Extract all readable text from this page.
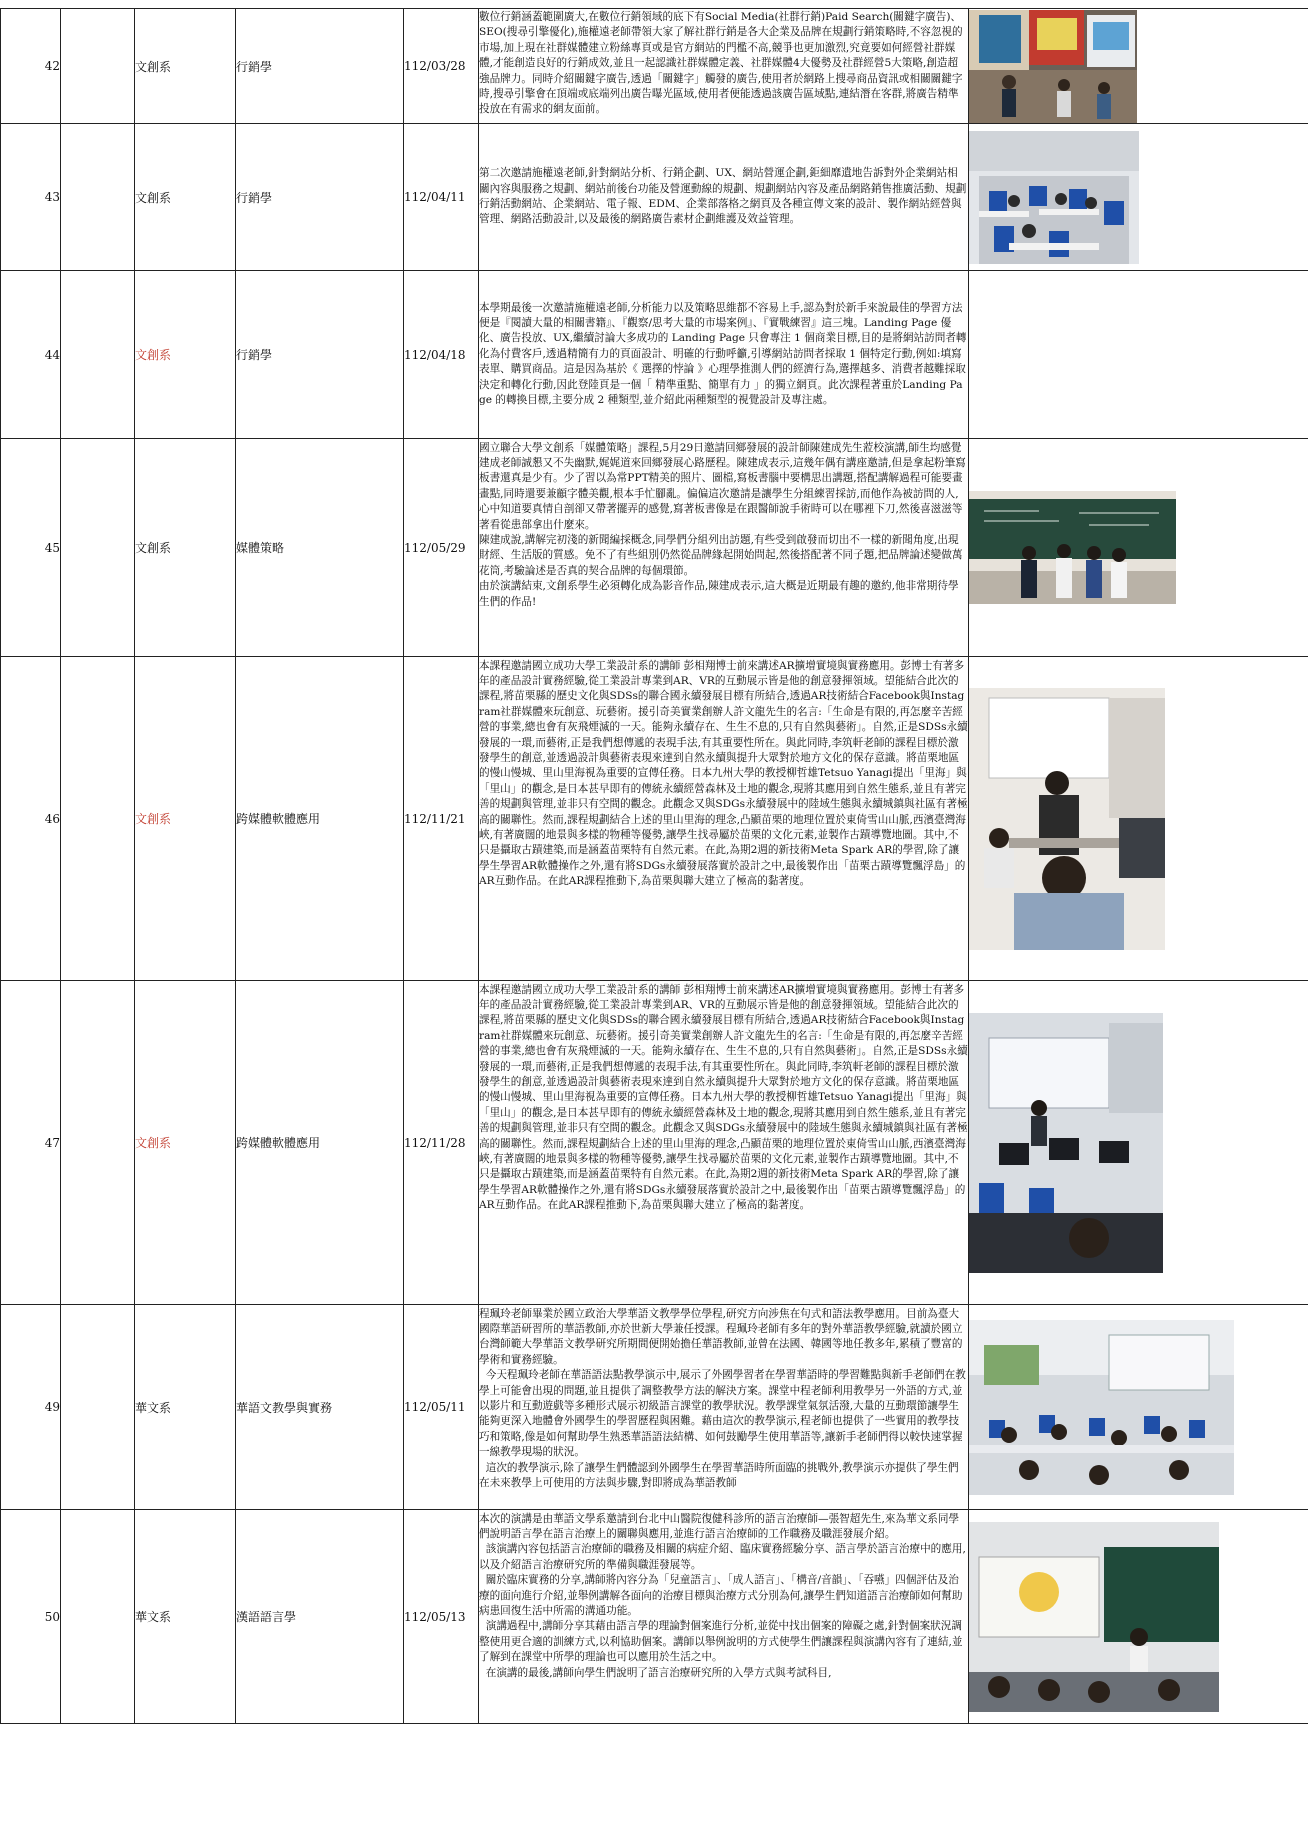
42		文創系	行銷學	112/03/28	數位行銷涵蓋範圍廣大,在數位行銷領域的底下有Social Media(社群行銷)Paid Search(關鍵字廣告)、SEO(搜尋引擎優化),施權遠老師帶領大家了解社群行銷是各大企業及品牌在規劃行銷策略時,不容忽視的市場,加上現在社群媒體建立粉絲專頁或是官方網站的門檻不高,競爭也更加激烈,究竟要如何經營社群媒體,才能創造良好的行銷成效,並且一起認識社群媒體定義、社群媒體4大優勢及社群經營5大策略,創造超強品牌力。同時介紹關鍵字廣告,透過「關鍵字」觸發的廣告,使用者於網路上搜尋商品資訊或相關關鍵字時,搜尋引擎會在頂端或底端列出廣告曝光區域,使用者便能透過該廣告區域點,連結潛在客群,將廣告精準投放在有需求的網友面前。

43		文創系	行銷學	112/04/11	第二次邀請施權遠老師,針對網站分析、行銷企劃、UX、網站營運企劃,鉅細靡遺地告訴對外企業網站相關內容與服務之規劃、網站前後台功能及營運動線的規劃、規劃網站內容及產品網路銷售推廣活動、規劃行銷活動網站、企業網站、電子報、EDM、企業部落格之網頁及各種宣傳文案的設計、製作網站經營與管理、網路活動設計,以及最後的網路廣告素材企劃維護及效益管理。

44		文創系	行銷學	112/04/18	本學期最後一次邀請施權遠老師,分析能力以及策略思維都不容易上手,認為對於新手來說最佳的學習方法便是『閱讀大量的相關書籍』、『觀察/思考大量的市場案例』、『實戰練習』這三塊。Landing Page 優化、廣告投放、UX,繼續討論大多成功的 Landing Page 只會專注 1 個商業目標,目的是將網站訪問者轉化為付費客戶,透過精簡有力的頁面設計、明確的行動呼籲,引導網站訪問者採取 1 個特定行動,例如:填寫表單、購買商品。這是因為基於《 選擇的悖論 》心理學推測人們的經濟行為,選擇越多、消費者越難採取決定和轉化行動,因此登陸頁是一個「 精準重點、簡單有力 」的獨立網頁。此次課程著重於Landing Page 的轉換目標,主要分成 2 種類型,並介紹此兩種類型的視覺設計及專注處。	

45		文創系	媒體策略	112/05/29	國立聯合大學文創系「媒體策略」課程,5月29日邀請回鄉發展的設計師陳建成先生蒞校演講,師生均感覺建成老師誠懇又不失幽默,娓娓道來回鄉發展心路歷程。陳建成表示,這幾年偶有講座邀請,但是拿起粉筆寫板書還真是少有。少了習以為常PPT精美的照片、圖檔,寫板書腦中要構思出講題,搭配講解過程可能要畫畫點,同時還要兼顧字體美觀,根本手忙腳亂。偏偏這次邀請是讓學生分組練習採訪,而他作為被訪問的人,心中知道要真情自剖卻又帶著擺弄的感覺,寫著板書像是在跟醫師說手術時可以在哪裡下刀,然後喜滋滋等著看從患部拿出什麼來。
陳建成說,講解完初淺的新聞編採概念,同學們分組列出訪題,有些受到啟發而切出不一樣的新聞角度,出現財經、生活版的質感。免不了有些組別仍然從品牌緣起開始問起,然後搭配著不同子題,把品牌論述變做萬花筒,考驗論述是否真的契合品牌的每個環節。
由於演講結束,文創系學生必須轉化成為影音作品,陳建成表示,這大概是近期最有趣的邀約,他非常期待學生們的作品!

46		文創系	跨媒體軟體應用	112/11/21	本課程邀請國立成功大學工業設計系的講師 彭相翔博士前來講述AR擴增實境與實務應用。彭博士有著多年的產品設計實務經驗,從工業設計專業到AR、VR的互動展示皆是他的創意發揮領域。望能結合此次的課程,將苗栗縣的歷史文化與SDSs的聯合國永續發展目標有所結合,透過AR技術結合Facebook與Instagram社群媒體來玩創意、玩藝術。援引奇美實業創辦人許文龍先生的名言:「生命是有限的,再怎麼辛苦經營的事業,總也會有灰飛煙滅的一天。能夠永續存在、生生不息的,只有自然與藝術」。自然,正是SDSs永續發展的一環,而藝術,正是我們想傳遞的表現手法,有其重要性所在。與此同時,李筑軒老師的課程目標於激發學生的創意,並透過設計與藝術表現來達到自然永續與提升大眾對於地方文化的保存意識。將苗栗地區的慢山慢城、里山里海視為重要的宣傳任務。日本九州大學的教授柳哲雄Tetsuo Yanagi提出「里海」與「里山」的觀念,是日本甚早即有的傳統永續經營森林及土地的觀念,現將其應用到自然生態系,並且有著完善的規劃與管理,並非只有空間的觀念。此觀念又與SDGs永續發展中的陸域生態與永續城鎮與社區有著極高的關聯性。然而,課程規劃結合上述的里山里海的理念,凸顯苗栗的地理位置於東倚雪山山脈,西濱臺灣海峽,有著廣闊的地景與多樣的物種等優勢,讓學生找尋屬於苗栗的文化元素,並製作古蹟導覽地圖。其中,不只是攝取古蹟建築,而是涵蓋苗栗特有自然元素。在此,為期2週的新技術Meta Spark AR的學習,除了讓學生學習AR軟體操作之外,還有將SDGs永續發展落實於設計之中,最後製作出「苗栗古蹟導覽飄浮島」的AR互動作品。在此AR課程推動下,為苗栗與聯大建立了極高的黏著度。

47		文創系	跨媒體軟體應用	112/11/28	本課程邀請國立成功大學工業設計系的講師 彭相翔博士前來講述AR擴增實境與實務應用。彭博士有著多年的產品設計實務經驗,從工業設計專業到AR、VR的互動展示皆是他的創意發揮領域。望能結合此次的課程,將苗栗縣的歷史文化與SDSs的聯合國永續發展目標有所結合,透過AR技術結合Facebook與Instagram社群媒體來玩創意、玩藝術。援引奇美實業創辦人許文龍先生的名言:「生命是有限的,再怎麼辛苦經營的事業,總也會有灰飛煙滅的一天。能夠永續存在、生生不息的,只有自然與藝術」。自然,正是SDSs永續發展的一環,而藝術,正是我們想傳遞的表現手法,有其重要性所在。與此同時,李筑軒老師的課程目標於激發學生的創意,並透過設計與藝術表現來達到自然永續與提升大眾對於地方文化的保存意識。將苗栗地區的慢山慢城、里山里海視為重要的宣傳任務。日本九州大學的教授柳哲雄Tetsuo Yanagi提出「里海」與「里山」的觀念,是日本甚早即有的傳統永續經營森林及土地的觀念,現將其應用到自然生態系,並且有著完善的規劃與管理,並非只有空間的觀念。此觀念又與SDGs永續發展中的陸域生態與永續城鎮與社區有著極高的關聯性。然而,課程規劃結合上述的里山里海的理念,凸顯苗栗的地理位置於東倚雪山山脈,西濱臺灣海峽,有著廣闊的地景與多樣的物種等優勢,讓學生找尋屬於苗栗的文化元素,並製作古蹟導覽地圖。其中,不只是攝取古蹟建築,而是涵蓋苗栗特有自然元素。在此,為期2週的新技術Meta Spark AR的學習,除了讓學生學習AR軟體操作之外,還有將SDGs永續發展落實於設計之中,最後製作出「苗栗古蹟導覽飄浮島」的AR互動作品。在此AR課程推動下,為苗栗與聯大建立了極高的黏著度。

49		華文系	華語文教學與實務	112/05/11	程珮玲老師畢業於國立政治大學華語文教學學位學程,研究方向涉焦在句式和語法教學應用。目前為臺大國際華語研習所的華語教師,亦於世新大學兼任授課。程珮玲老師有多年的對外華語教學經驗,就讀於國立台灣師範大學華語文教學研究所期間便開始擔任華語教師,並曾在法國、韓國等地任教多年,累積了豐富的學術和實務經驗。
今天程珮玲老師在華語語法點教學演示中,展示了外國學習者在學習華語時的學習難點與新手老師們在教學上可能會出現的問題,並且提供了調整教學方法的解決方案。課堂中程老師利用教學另一外語的方式,並以影片和互動遊戲等多種形式展示初級語言課堂的教學狀況。教學課堂氣氛活潑,大量的互動環節讓學生能夠更深入地體會外國學生的學習歷程與困難。藉由這次的教學演示,程老師也提供了一些實用的教學技巧和策略,像是如何幫助學生熟悉華語語法結構、如何鼓勵學生使用華語等,讓新手老師們得以較快速掌握一線教學現場的狀況。
這次的教學演示,除了讓學生們體認到外國學生在學習華語時所面臨的挑戰外,教學演示亦提供了學生們在未來教學上可使用的方法與步驟,對即將成為華語教師

50		華文系	漢語語言學	112/05/13	本次的演講是由華語文學系邀請到台北中山醫院復健科診所的語言治療師—張智超先生,來為華文系同學們說明語言學在語言治療上的關聯與應用,並進行語言治療師的工作職務及職涯發展介紹。
該演講內容包括語言治療師的職務及相關的病症介紹、臨床實務經驗分享、語言學於語言治療中的應用,以及介紹語言治療研究所的準備與職涯發展等。
關於臨床實務的分享,講師將內容分為「兒童語言」、「成人語言」、「構音/音韻」、「吞嚥」四個評估及治療的面向進行介紹,並舉例講解各面向的治療目標與治療方式分別為何,讓學生們知道語言治療師如何幫助病患回復生活中所需的溝通功能。
演講過程中,講師分享其藉由語言學的理論對個案進行分析,並從中找出個案的障礙之處,針對個案狀況調整使用更合適的訓練方式,以利協助個案。講師以舉例說明的方式使學生們讓課程與演講內容有了連結,並了解到在課堂中所學的理論也可以應用於生活之中。
在演講的最後,講師向學生們說明了語言治療研究所的入學方式與考試科目,
